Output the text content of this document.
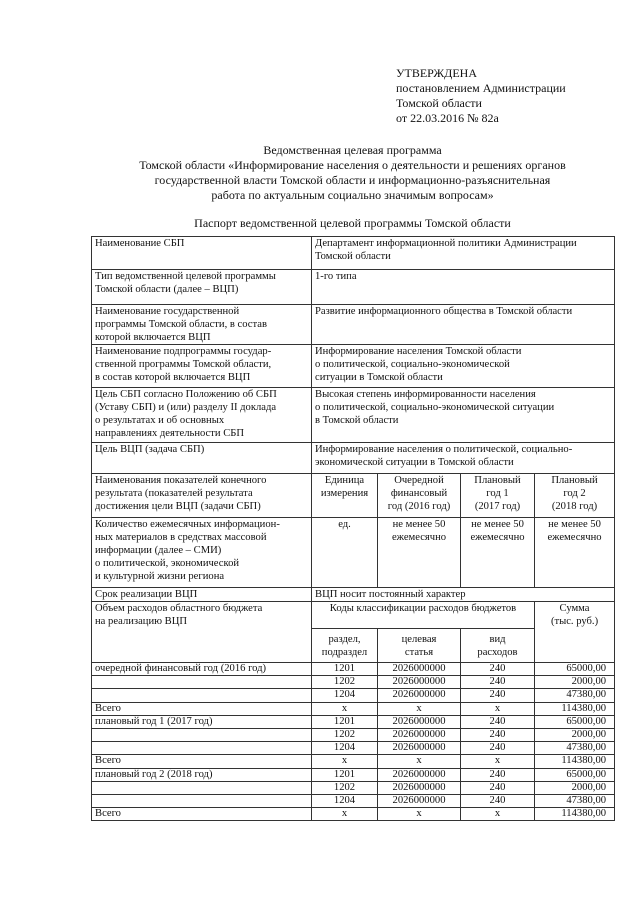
УТВЕРЖДЕНА
постановлением Администрации
Томской области
от 22.03.2016 № 82а
Ведомственная целевая программа
Томской области «Информирование населения о деятельности и решениях органов
государственной власти Томской области и информационно-разъяснительная
работа по актуальным социально значимым вопросам»
Паспорт ведомственной целевой программы Томской области
Наименование СБП	Департамент информационной политики Администрации
Томской области			
Тип ведомственной целевой программы
Томской области (далее – ВЦП)	1-го типа			
Наименование государственной
программы Томской области, в состав
которой включается ВЦП	Развитие информационного общества в Томской области			
Наименование подпрограммы государ-
ственной программы Томской области,
в состав которой включается ВЦП	Информирование населения Томской области
о политической, социально-экономической
ситуации в Томской области			
Цель СБП согласно Положению об СБП
(Уставу СБП) и (или) разделу II доклада
о результатах и об основных
направлениях деятельности СБП	Высокая степень информированности населения
о политической, социально-экономической ситуации
в Томской области			
Цель ВЦП (задача СБП)	Информирование населения о политической, социально-
экономической ситуации в Томской области			
Наименования показателей конечного
результата (показателей результата
достижения цели ВЦП (задачи СБП)	Единица
измерения	Очередной
финансовый
год (2016 год)	Плановый
год 1
(2017 год)	Плановый
год 2
(2018 год)
Количество ежемесячных информацион-
ных материалов в средствах массовой
информации (далее – СМИ)
о политической, экономической
и культурной жизни региона	ед.	не менее 50
ежемесячно	не менее 50
ежемесячно	не менее 50
ежемесячно
Срок реализации ВЦП	ВЦП носит постоянный характер			
Объем расходов областного бюджета
на реализацию ВЦП	Коды классификации расходов бюджетов			Сумма
(тыс. руб.)
	раздел,
подраздел	целевая
статья	вид
расходов	
очередной финансовый год (2016 год)	1201	2026000000	240	65000,00
	1202	2026000000	240	2000,00
	1204	2026000000	240	47380,00
Всего	х	х	х	114380,00
плановый год 1 (2017 год)	1201	2026000000	240	65000,00
	1202	2026000000	240	2000,00
	1204	2026000000	240	47380,00
Всего	х	х	х	114380,00
плановый год 2 (2018 год)	1201	2026000000	240	65000,00
	1202	2026000000	240	2000,00
	1204	2026000000	240	47380,00
Всего	х	х	х	114380,00
